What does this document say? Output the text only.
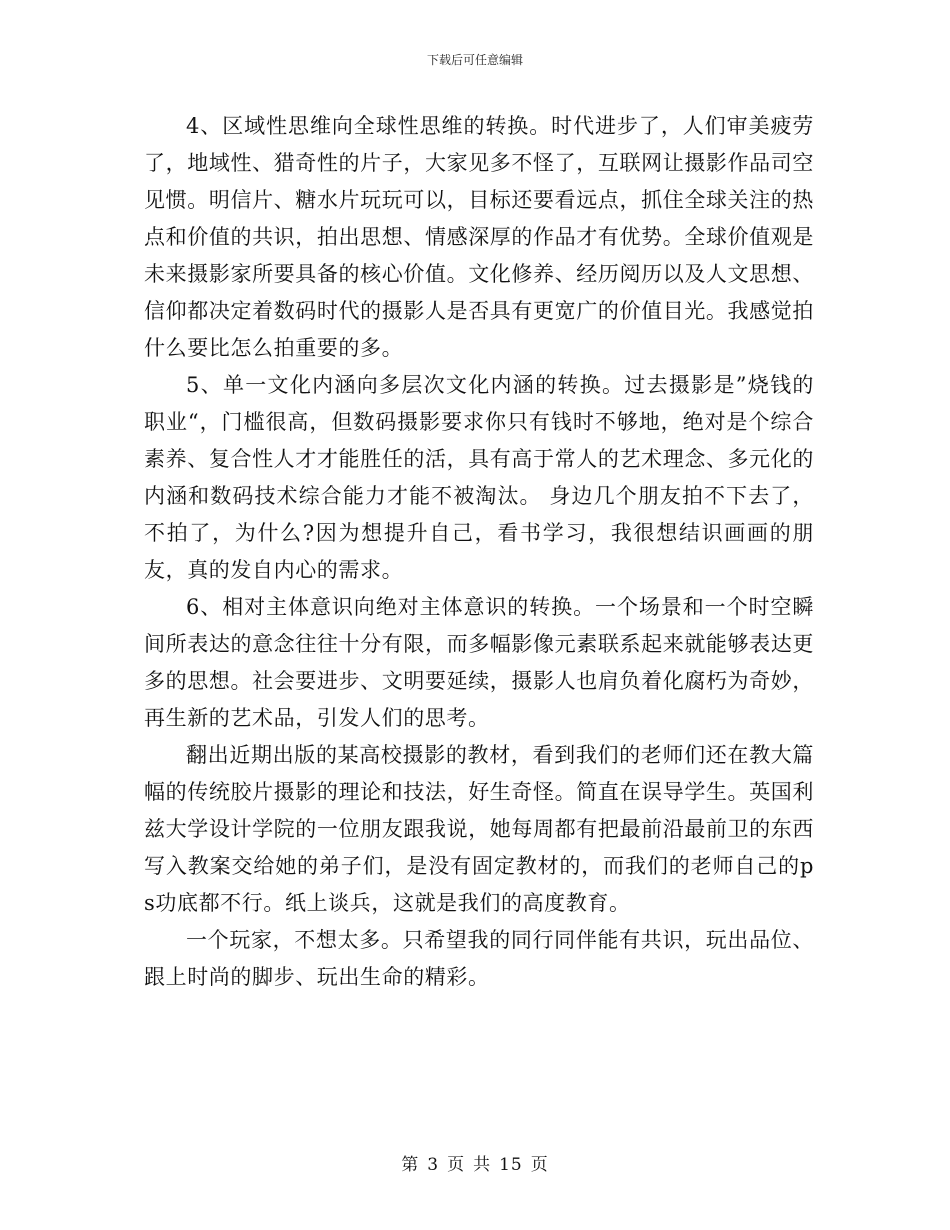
下载后可任意编辑

4、区域性思维向全球性思维的转换。时代进步了，人们审美疲劳了，地域性、猎奇性的片子，大家见多不怪了，互联网让摄影作品司空见惯。明信片、糖水片玩玩可以，目标还要看远点，抓住全球关注的热点和价值的共识，拍出思想、情感深厚的作品才有优势。全球价值观是未来摄影家所要具备的核心价值。文化修养、经历阅历以及人文思想、信仰都决定着数码时代的摄影人是否具有更宽广的价值目光。我感觉拍什么要比怎么拍重要的多。

5、单一文化内涵向多层次文化内涵的转换。过去摄影是”烧钱的职业“，门槛很高，但数码摄影要求你只有钱时不够地，绝对是个综合素养、复合性人才才能胜任的活，具有高于常人的艺术理念、多元化的内涵和数码技术综合能力才能不被淘汰。 身边几个朋友拍不下去了，不拍了，为什么?因为想提升自己，看书学习，我很想结识画画的朋友，真的发自内心的需求。

6、相对主体意识向绝对主体意识的转换。一个场景和一个时空瞬间所表达的意念往往十分有限，而多幅影像元素联系起来就能够表达更多的思想。社会要进步、文明要延续，摄影人也肩负着化腐朽为奇妙，再生新的艺术品，引发人们的思考。

翻出近期出版的某高校摄影的教材，看到我们的老师们还在教大篇幅的传统胶片摄影的理论和技法，好生奇怪。简直在误导学生。英国利兹大学设计学院的一位朋友跟我说，她每周都有把最前沿最前卫的东西写入教案交给她的弟子们，是没有固定教材的，而我们的老师自己的ps功底都不行。纸上谈兵，这就是我们的高度教育。

一个玩家，不想太多。只希望我的同行同伴能有共识，玩出品位、跟上时尚的脚步、玩出生命的精彩。

第 3 页 共 15 页
